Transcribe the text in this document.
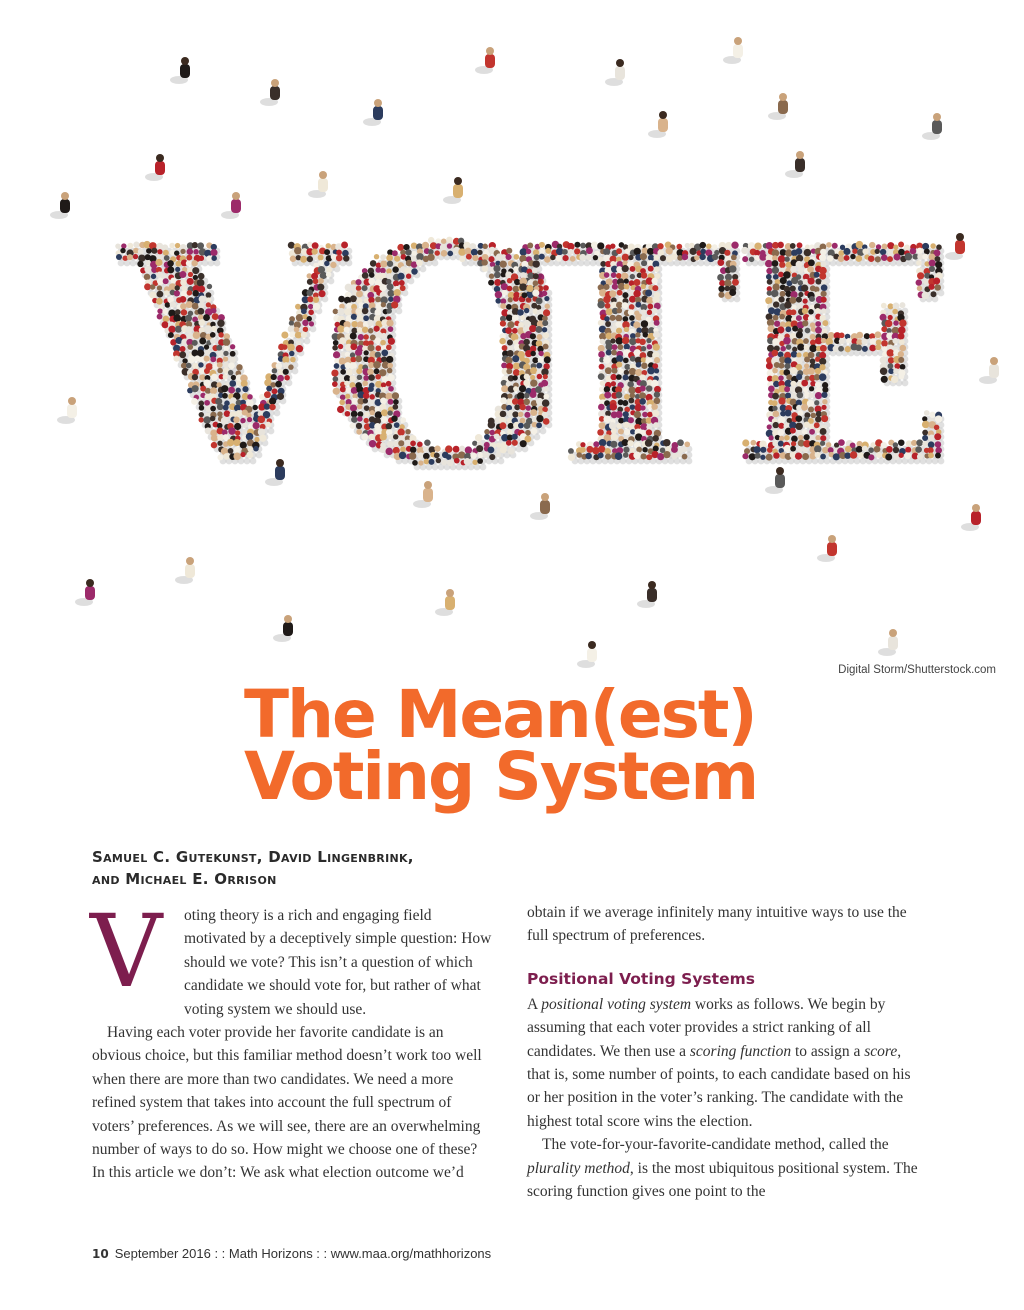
Digital Storm/Shutterstock.com
The Mean(est)
Voting System
Samuel C. Gutekunst, David Lingenbrink,
and Michael E. Orrison

V	oting theory is a rich and engaging field motivated by a deceptively simple question: How should we vote? This isn’t a question of which candidate we should vote for, but rather of what voting system we should use.

Having each voter provide her favorite candidate is an obvious choice, but this familiar method doesn’t work too well when there are more than two candidates. We need a more refined system that takes into account the full spectrum of voters’ preferences. As we will see, there are an overwhelming number of ways to do so. How might we choose one of these? In this article we don’t: We ask what election outcome we’d

obtain if we average infinitely many intuitive ways to use the full spectrum of preferences.

Positional Voting Systems

A positional voting system works as follows. We begin by assuming that each voter provides a strict ranking of all candidates. We then use a scoring function to assign a score, that is, some number of points, to each candidate based on his or her position in the voter’s ranking. The candidate with the highest total score wins the election.

The vote-for-your-favorite-candidate method, called the plurality method, is the most ubiquitous positional system. The scoring function gives one point to the

10 September 2016 : : Math Horizons : : www.maa.org/mathhorizons
